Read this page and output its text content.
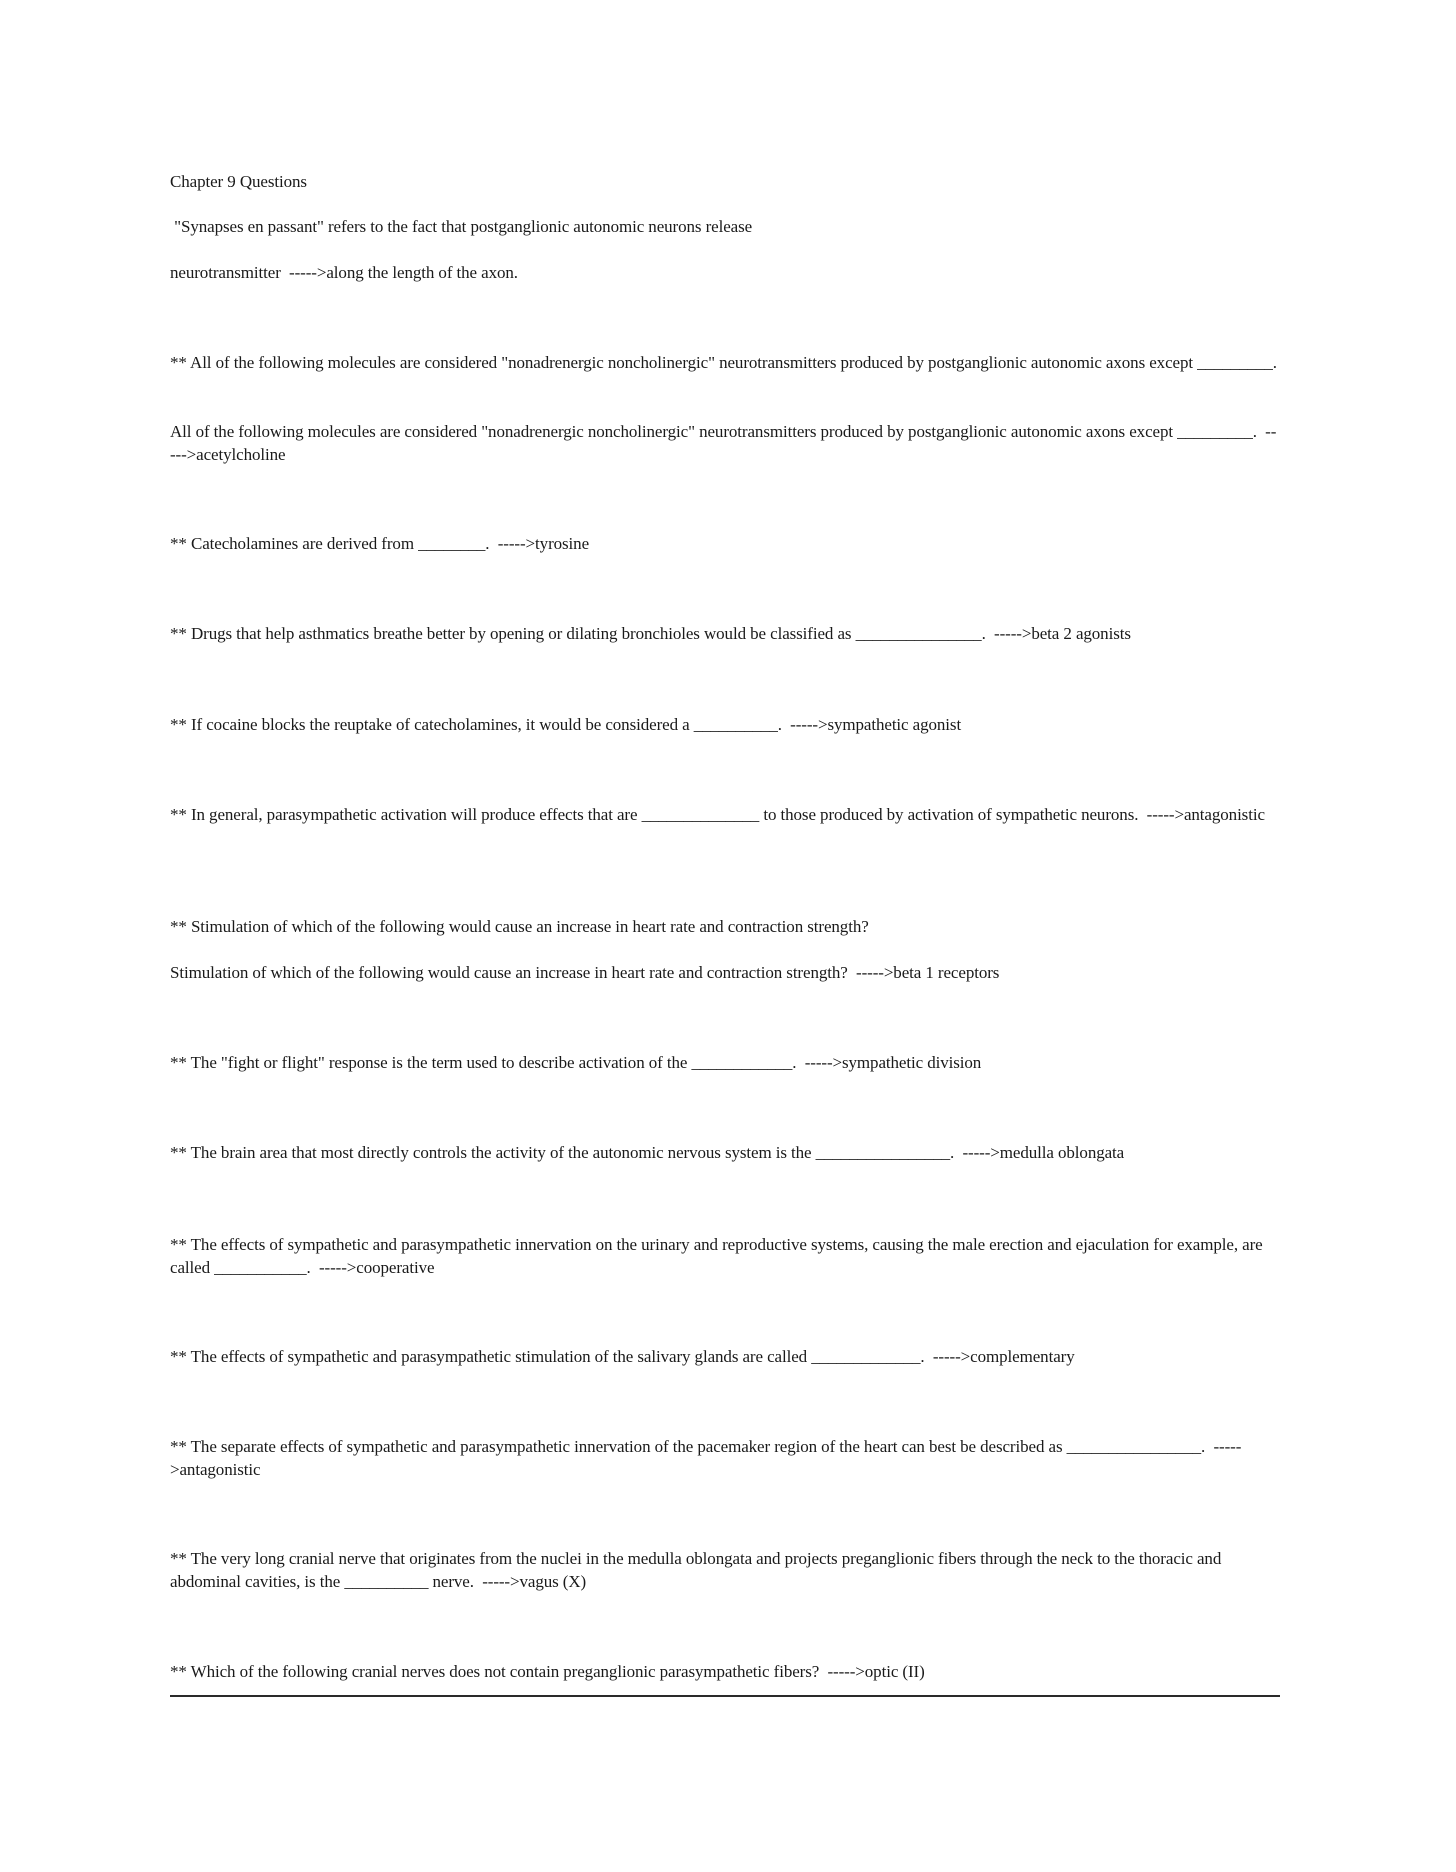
Chapter 9 Questions
"Synapses en passant" refers to the fact that postganglionic autonomic neurons release
neurotransmitter  ----->along the length of the axon.
** All of the following molecules are considered "nonadrenergic noncholinergic" neurotransmitters produced by postganglionic autonomic axons except _________.
All of the following molecules are considered "nonadrenergic noncholinergic" neurotransmitters produced by postganglionic autonomic axons except _________.  ----->acetylcholine
** Catecholamines are derived from ________.  ----->tyrosine
** Drugs that help asthmatics breathe better by opening or dilating bronchioles would be classified as _______________.  ----->beta 2 agonists
** If cocaine blocks the reuptake of catecholamines, it would be considered a __________.  ----->sympathetic agonist
** In general, parasympathetic activation will produce effects that are ______________ to those produced by activation of sympathetic neurons.  ----->antagonistic
** Stimulation of which of the following would cause an increase in heart rate and contraction strength?
Stimulation of which of the following would cause an increase in heart rate and contraction strength?  ----->beta 1 receptors
** The "fight or flight" response is the term used to describe activation of the ____________.  ----->sympathetic division
** The brain area that most directly controls the activity of the autonomic nervous system is the ________________.  ----->medulla oblongata
** The effects of sympathetic and parasympathetic innervation on the urinary and reproductive systems, causing the male erection and ejaculation for example, are called ___________.  ----->cooperative
** The effects of sympathetic and parasympathetic stimulation of the salivary glands are called _____________.  ----->complementary
** The separate effects of sympathetic and parasympathetic innervation of the pacemaker region of the heart can best be described as ________________.  ----->antagonistic
** The very long cranial nerve that originates from the nuclei in the medulla oblongata and projects preganglionic fibers through the neck to the thoracic and abdominal cavities, is the __________ nerve.  ----->vagus (X)
** Which of the following cranial nerves does not contain preganglionic parasympathetic fibers?  ----->optic (II)
